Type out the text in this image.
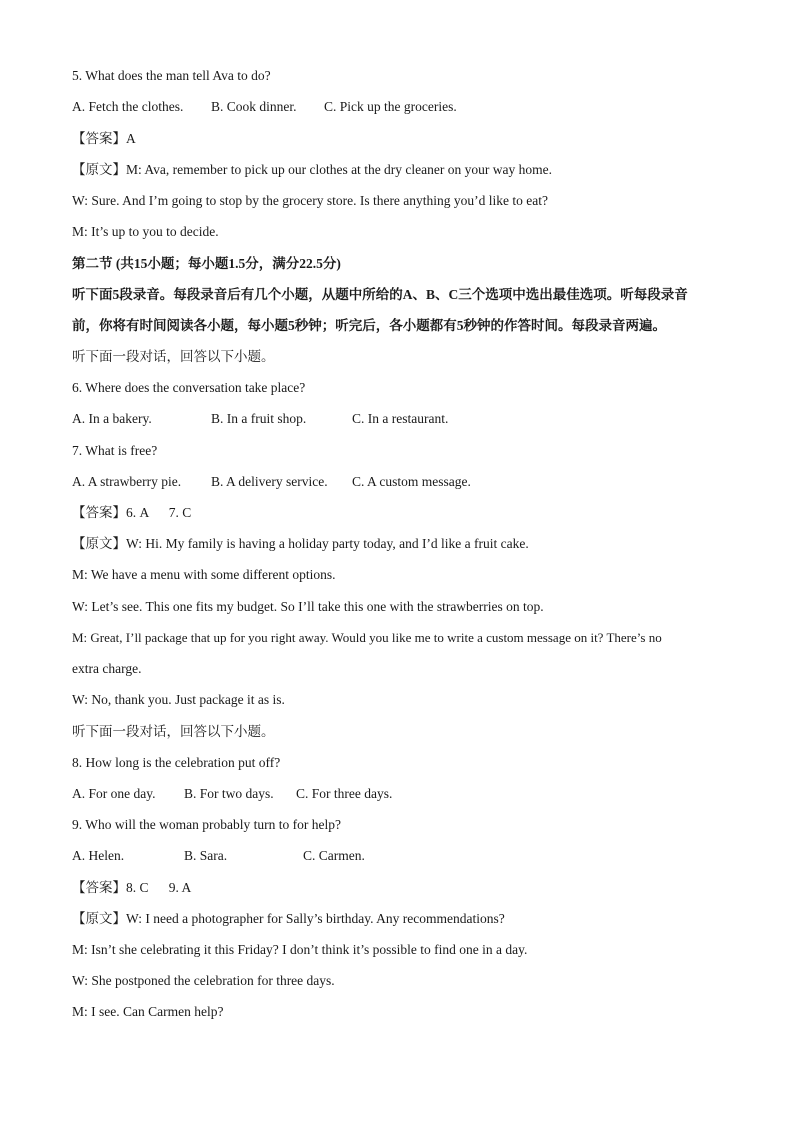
5. What does the man tell Ava to do?
A. Fetch the clothes. B. Cook dinner. C. Pick up the groceries.
【答案】A
【原文】M: Ava, remember to pick up our clothes at the dry cleaner on your way home.
W: Sure. And I’m going to stop by the grocery store. Is there anything you’d like to eat?
M: It’s up to you to decide.
第二节 (共15小题；每小题1.5分，满分22.5分)
听下面5段录音。每段录音后有几个小题，从题中所给的A、B、C三个选项中选出最佳选项。听每段录音
前，你将有时间阅读各小题，每小题5秒钟；听完后，各小题都有5秒钟的作答时间。每段录音两遍。
听下面一段对话，回答以下小题。
6. Where does the conversation take place?
A. In a bakery.	B. In a fruit shop.	C. In a restaurant.
7. What is free?
A. A strawberry pie. B. A delivery service. C. A custom message.
【答案】6. A      7. C
【原文】W: Hi. My family is having a holiday party today, and I’d like a fruit cake.
M: We have a menu with some different options.
W: Let’s see. This one fits my budget. So I’ll take this one with the strawberries on top.
M: Great, I’ll package that up for you right away. Would you like me to write a custom message on it? There’s no
extra charge.
W: No, thank you. Just package it as is.
听下面一段对话，回答以下小题。
8. How long is the celebration put off?
A. For one day. B. For two days. C. For three days.
9. Who will the woman probably turn to for help?
A. Helen.	B. Sara.	C. Carmen.
【答案】8. C      9. A
【原文】W: I need a photographer for Sally’s birthday. Any recommendations?
M: Isn’t she celebrating it this Friday? I don’t think it’s possible to find one in a day.
W: She postponed the celebration for three days.
M: I see. Can Carmen help?
